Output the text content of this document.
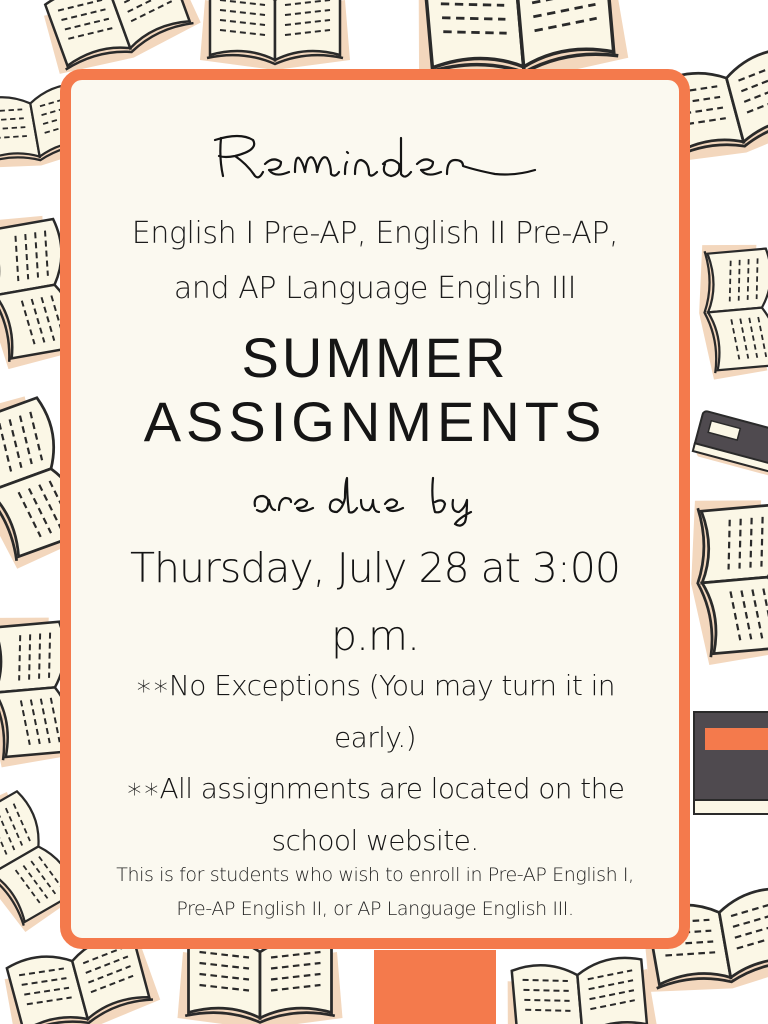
English I Pre-AP, English II Pre-AP, and AP Language English III
SUMMER
ASSIGNMENTS
Thursday, July 28 at 3:00 p.m.
∗∗No Exceptions (You may turn it in early.)
∗∗All assignments are located on the school website.
This is for students who wish to enroll in Pre-AP English I, Pre-AP English II, or AP Language English III.
